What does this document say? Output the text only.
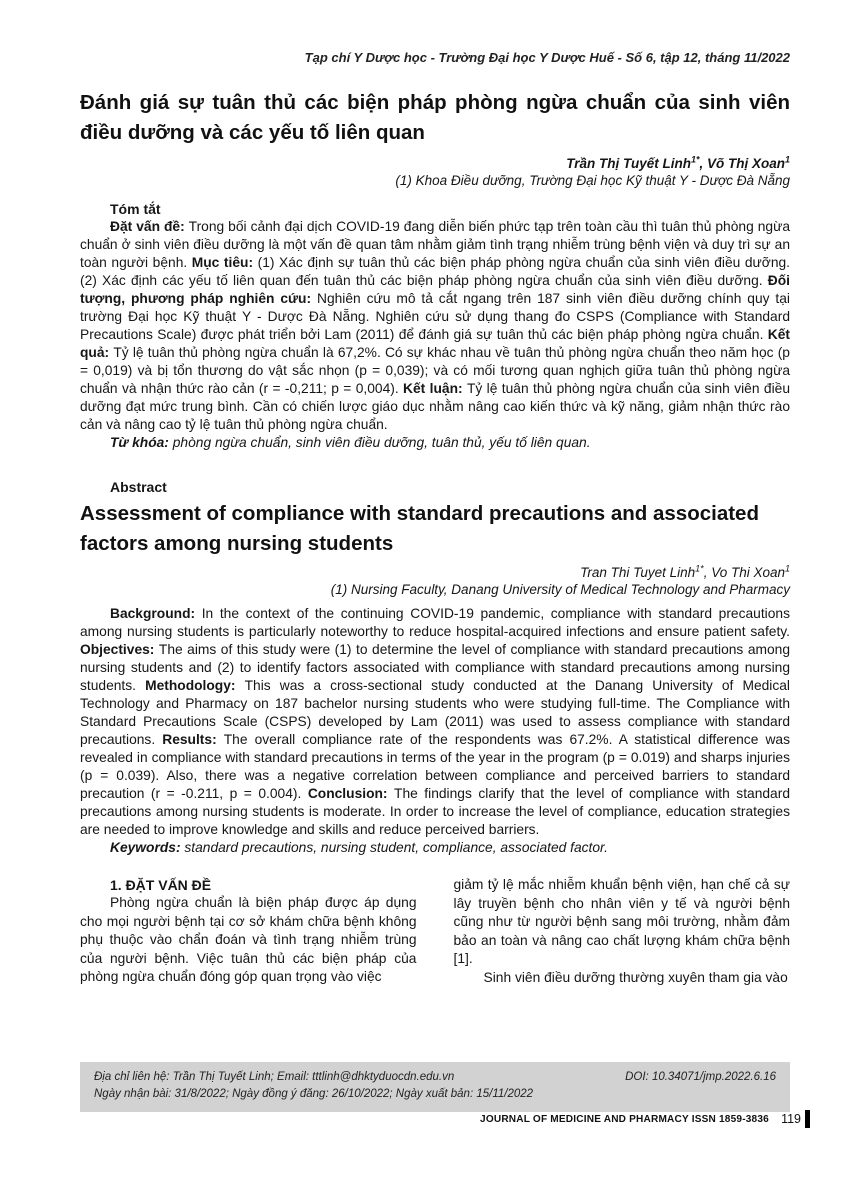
Tạp chí Y Dược học - Trường Đại học Y Dược Huế - Số 6, tập 12, tháng 11/2022
Đánh giá sự tuân thủ các biện pháp phòng ngừa chuẩn của sinh viên điều dưỡng và các yếu tố liên quan
Trần Thị Tuyết Linh$^{1*}$, Võ Thị Xoan$^1$
(1) Khoa Điều dưỡng, Trường Đại học Kỹ thuật Y - Dược Đà Nẵng
Tóm tắt
Đặt vấn đề: Trong bối cảnh đại dịch COVID-19 đang diễn biến phức tạp trên toàn cầu thì tuân thủ phòng ngừa chuẩn ở sinh viên điều dưỡng là một vấn đề quan tâm nhằm giảm tình trạng nhiễm trùng bệnh viện và duy trì sự an toàn người bệnh. Mục tiêu: (1) Xác định sự tuân thủ các biện pháp phòng ngừa chuẩn của sinh viên điều dưỡng. (2) Xác định các yếu tố liên quan đến tuân thủ các biện pháp phòng ngừa chuẩn của sinh viên điều dưỡng. Đối tượng, phương pháp nghiên cứu: Nghiên cứu mô tả cắt ngang trên 187 sinh viên điều dưỡng chính quy tại trường Đại học Kỹ thuật Y - Dược Đà Nẵng. Nghiên cứu sử dụng thang đo CSPS (Compliance with Standard Precautions Scale) được phát triển bởi Lam (2011) để đánh giá sự tuân thủ các biện pháp phòng ngừa chuẩn. Kết quả: Tỷ lệ tuân thủ phòng ngừa chuẩn là 67,2%. Có sự khác nhau về tuân thủ phòng ngừa chuẩn theo năm học (p = 0,019) và bị tổn thương do vật sắc nhọn (p = 0,039); và có mối tương quan nghịch giữa tuân thủ phòng ngừa chuẩn và nhận thức rào cản (r = -0,211; p = 0,004). Kết luận: Tỷ lệ tuân thủ phòng ngừa chuẩn của sinh viên điều dưỡng đạt mức trung bình. Cần có chiến lược giáo dục nhằm nâng cao kiến thức và kỹ năng, giảm nhận thức rào cản và nâng cao tỷ lệ tuân thủ phòng ngừa chuẩn.
Từ khóa: phòng ngừa chuẩn, sinh viên điều dưỡng, tuân thủ, yếu tố liên quan.
Abstract
Assessment of compliance with standard precautions and associated factors among nursing students
Tran Thi Tuyet Linh$^{1*}$, Vo Thi Xoan$^1$
(1) Nursing Faculty, Danang University of Medical Technology and Pharmacy
Background: In the context of the continuing COVID-19 pandemic, compliance with standard precautions among nursing students is particularly noteworthy to reduce hospital-acquired infections and ensure patient safety. Objectives: The aims of this study were (1) to determine the level of compliance with standard precautions among nursing students and (2) to identify factors associated with compliance with standard precautions among nursing students. Methodology: This was a cross-sectional study conducted at the Danang University of Medical Technology and Pharmacy on 187 bachelor nursing students who were studying full-time. The Compliance with Standard Precautions Scale (CSPS) developed by Lam (2011) was used to assess compliance with standard precautions. Results: The overall compliance rate of the respondents was 67.2%. A statistical difference was revealed in compliance with standard precautions in terms of the year in the program (p = 0.019) and sharps injuries (p = 0.039). Also, there was a negative correlation between compliance and perceived barriers to standard precaution (r = -0.211, p = 0.004). Conclusion: The findings clarify that the level of compliance with standard precautions among nursing students is moderate. In order to increase the level of compliance, education strategies are needed to improve knowledge and skills and reduce perceived barriers.
Keywords: standard precautions, nursing student, compliance, associated factor.
1. ĐẶT VẤN ĐỀ
Phòng ngừa chuẩn là biện pháp được áp dụng cho mọi người bệnh tại cơ sở khám chữa bệnh không phụ thuộc vào chẩn đoán và tình trạng nhiễm trùng của người bệnh. Việc tuân thủ các biện pháp của phòng ngừa chuẩn đóng góp quan trọng vào việc
giảm tỷ lệ mắc nhiễm khuẩn bệnh viện, hạn chế cả sự lây truyền bệnh cho nhân viên y tế và người bệnh cũng như từ người bệnh sang môi trường, nhằm đảm bảo an toàn và nâng cao chất lượng khám chữa bệnh [1].
Sinh viên điều dưỡng thường xuyên tham gia vào
Địa chỉ liên hệ: Trần Thị Tuyết Linh; Email: tttlinh@dhktyduocdn.edu.vn	DOI: 10.34071/jmp.2022.6.16
Ngày nhận bài: 31/8/2022; Ngày đồng ý đăng: 26/10/2022; Ngày xuất bản: 15/11/2022
JOURNAL OF MEDICINE AND PHARMACY ISSN 1859-3836 119
